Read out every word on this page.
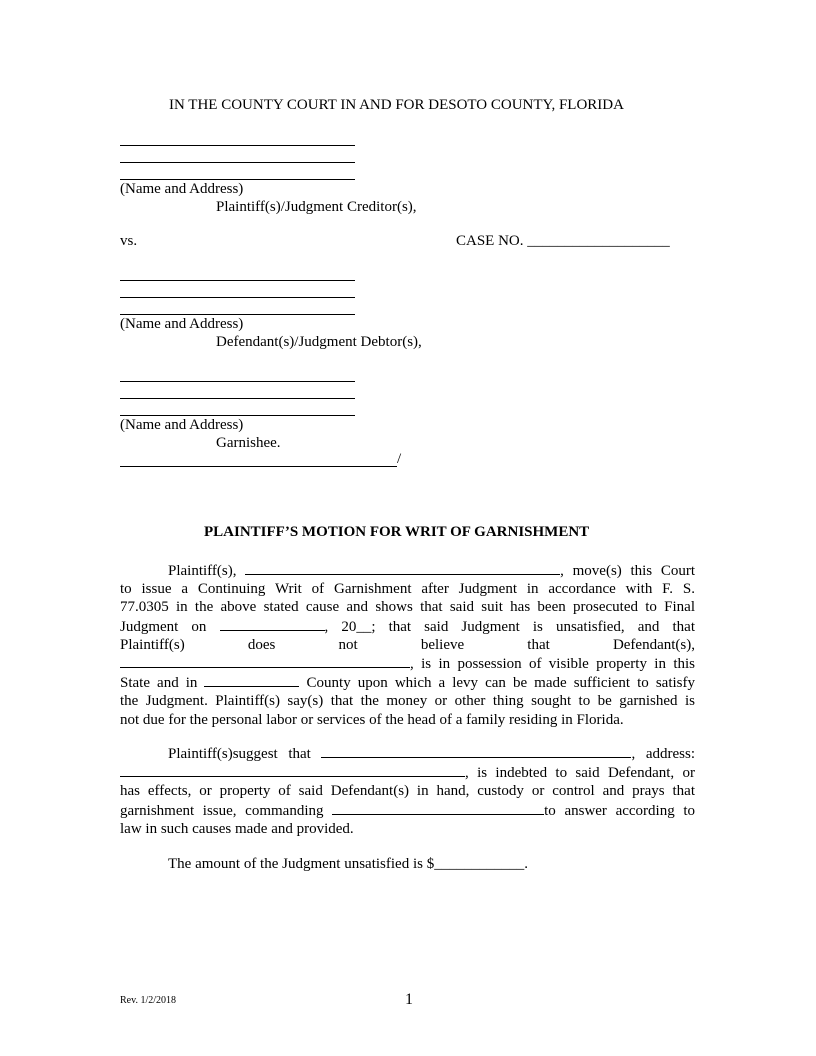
IN THE COUNTY COURT IN AND FOR DESOTO COUNTY, FLORIDA
(Name and Address)
Plaintiff(s)/Judgment Creditor(s),
vs.	CASE NO. ___________________
(Name and Address)
Defendant(s)/Judgment Debtor(s),
(Name and Address)
Garnishee.
/
PLAINTIFF’S MOTION FOR WRIT OF GARNISHMENT

Plaintiff(s),	, move(s) this Court

to issue a Continuing Writ of Garnishment after Judgment in accordance with F. S.

77.0305 in the above stated cause and shows that said suit has been prosecuted to Final

Judgment on	, 20__; that said Judgment is unsatisfied, and that

Plaintiff(s) does not believe that Defendant(s),

, is in possession of visible property in this

State and in	County upon which a levy can be made sufficient to satisfy

the Judgment. Plaintiff(s) say(s) that the money or other thing sought to be garnished is

not due for the personal labor or services of the head of a family residing in Florida.

Plaintiff(s)suggest that	, address:

, is indebted to said Defendant, or

has effects, or property of said Defendant(s) in hand, custody or control and prays that

garnishment issue, commanding	to answer according to

law in such causes made and provided.

The amount of the Judgment unsatisfied is $____________.
Rev. 1/2/2018	1
